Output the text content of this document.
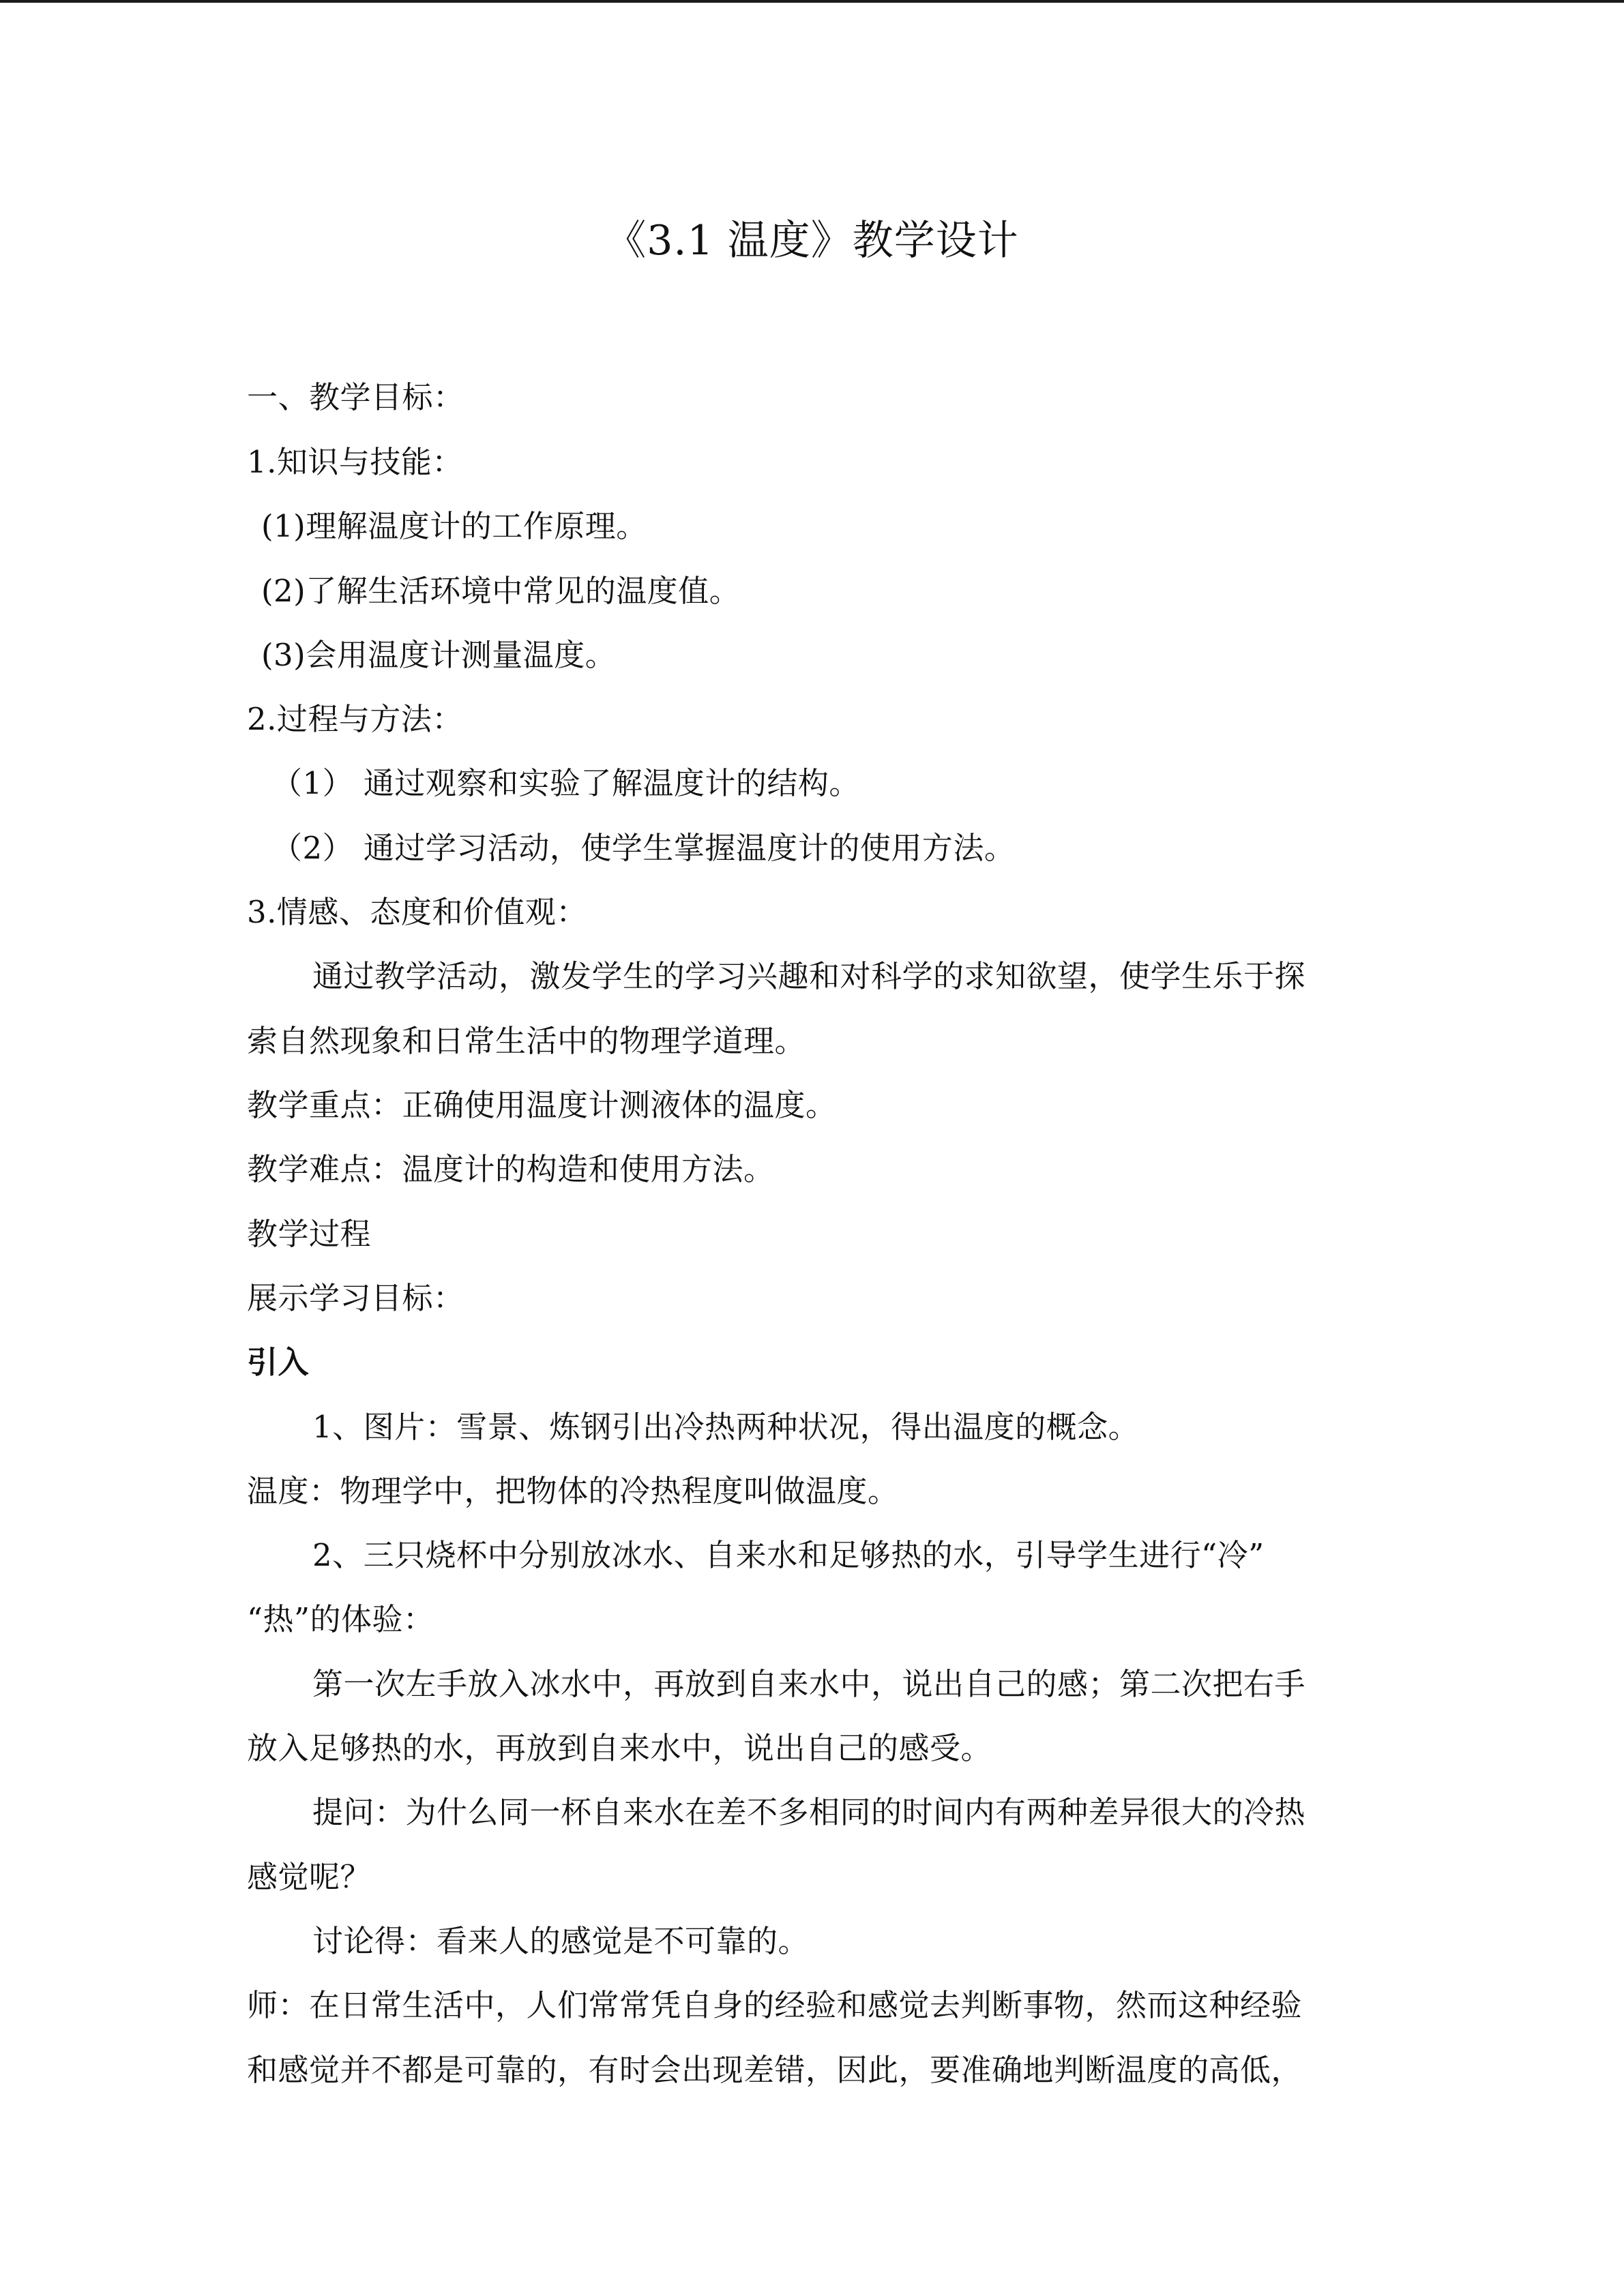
《3.1 温度》教学设计
一、教学目标：
1.知识与技能：
(1)理解温度计的工作原理。
(2)了解生活环境中常见的温度值。
(3)会用温度计测量温度。
2.过程与方法：
（1） 通过观察和实验了解温度计的结构。
（2） 通过学习活动，使学生掌握温度计的使用方法。
3.情感、态度和价值观：
通过教学活动，激发学生的学习兴趣和对科学的求知欲望，使学生乐于探
索自然现象和日常生活中的物理学道理。
教学重点：正确使用温度计测液体的温度。
教学难点：温度计的构造和使用方法。
教学过程
展示学习目标：
引入
1、图片：雪景、炼钢引出冷热两种状况，得出温度的概念。
温度：物理学中，把物体的冷热程度叫做温度。
2、三只烧杯中分别放冰水、自来水和足够热的水，引导学生进行“冷”
“热”的体验：
第一次左手放入冰水中，再放到自来水中，说出自己的感；第二次把右手
放入足够热的水，再放到自来水中，说出自己的感受。
提问：为什么同一杯自来水在差不多相同的时间内有两种差异很大的冷热
感觉呢？
讨论得：看来人的感觉是不可靠的。
师：在日常生活中，人们常常凭自身的经验和感觉去判断事物，然而这种经验
和感觉并不都是可靠的，有时会出现差错，因此，要准确地判断温度的高低，
